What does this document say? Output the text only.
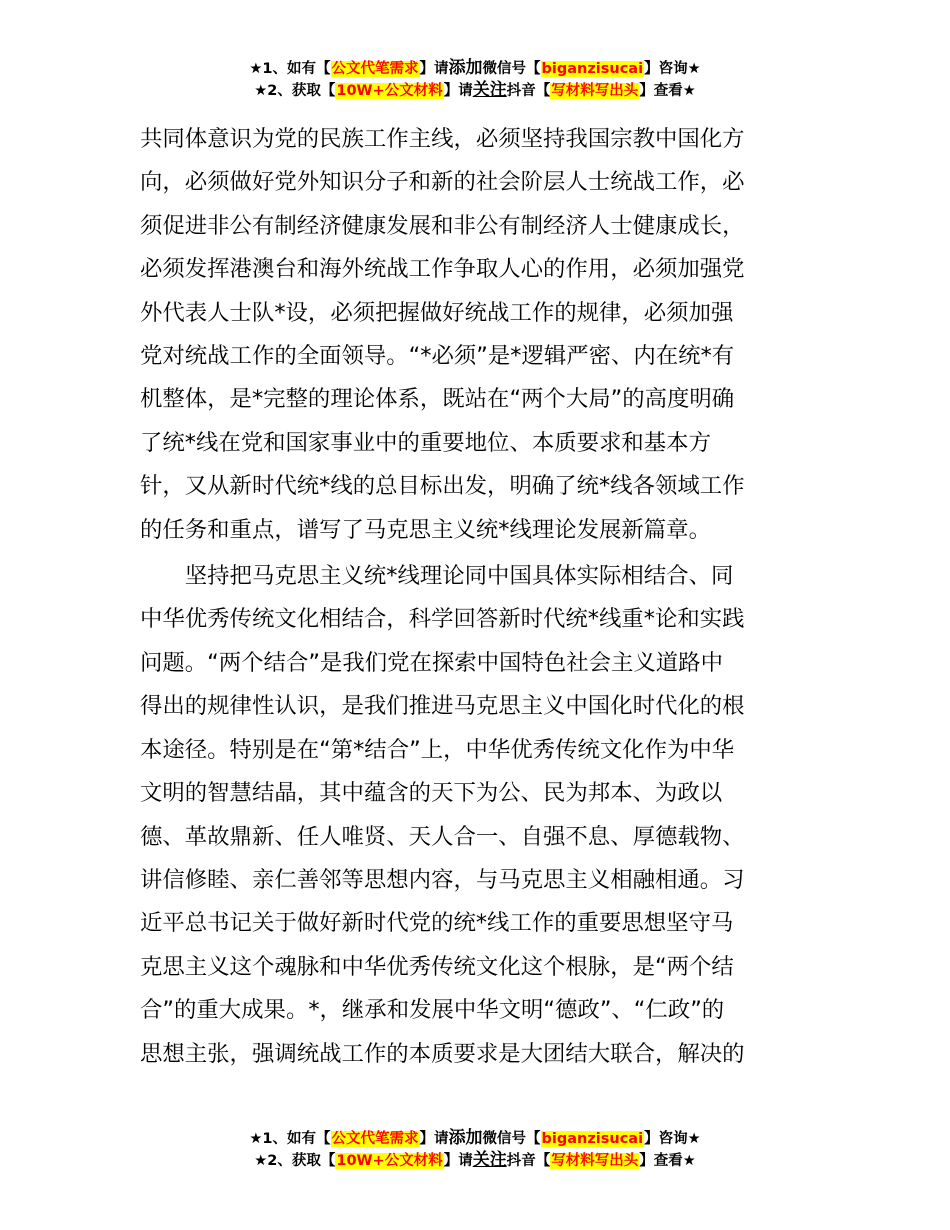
★1、如有【公文代笔需求】请添加微信号【biganzisucai】咨询★
★2、获取【10W+公文材料】请关注抖音【写材料写出头】查看★

共同体意识为党的民族工作主线，必须坚持我国宗教中国化方
向，必须做好党外知识分子和新的社会阶层人士统战工作，必
须促进非公有制经济健康发展和非公有制经济人士健康成长，
必须发挥港澳台和海外统战工作争取人心的作用，必须加强党
外代表人士队*设，必须把握做好统战工作的规律，必须加强
党对统战工作的全面领导。“*必须”是*逻辑严密、内在统*有
机整体，是*完整的理论体系，既站在“两个大局”的高度明确
了统*线在党和国家事业中的重要地位、本质要求和基本方
针，又从新时代统*线的总目标出发，明确了统*线各领域工作
的任务和重点，谱写了马克思主义统*线理论发展新篇章。

　　坚持把马克思主义统*线理论同中国具体实际相结合、同
中华优秀传统文化相结合，科学回答新时代统*线重*论和实践
问题。“两个结合”是我们党在探索中国特色社会主义道路中
得出的规律性认识，是我们推进马克思主义中国化时代化的根
本途径。特别是在“第*结合”上，中华优秀传统文化作为中华
文明的智慧结晶，其中蕴含的天下为公、民为邦本、为政以
德、革故鼎新、任人唯贤、天人合一、自强不息、厚德载物、
讲信修睦、亲仁善邻等思想内容，与马克思主义相融相通。习
近平总书记关于做好新时代党的统*线工作的重要思想坚守马
克思主义这个魂脉和中华优秀传统文化这个根脉，是“两个结
合”的重大成果。*，继承和发展中华文明“德政”、“仁政”的
思想主张，强调统战工作的本质要求是大团结大联合，解决的

★1、如有【公文代笔需求】请添加微信号【biganzisucai】咨询★
★2、获取【10W+公文材料】请关注抖音【写材料写出头】查看★
